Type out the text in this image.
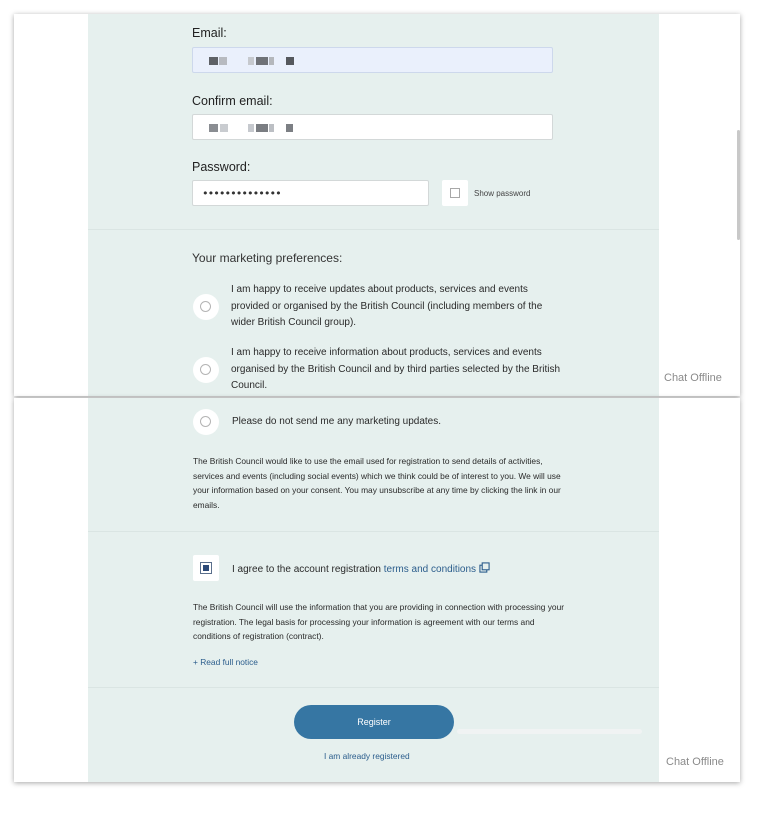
Email:
Confirm email:
Password:
••••••••••••••	Show password
Your marketing preferences:
I am happy to receive updates about products, services and events provided or organised by the British Council (including members of the wider British Council group).
I am happy to receive information about products, services and events organised by the British Council and by third parties selected by the British Council.
Chat Offline
Please do not send me any marketing updates.
The British Council would like to use the email used for registration to send details of activities, services and events (including social events) which we think could be of interest to you. We will use your information based on your consent. You may unsubscribe at any time by clicking the link in our emails.
I agree to the account registration terms and conditions
The British Council will use the information that you are providing in connection with processing your registration. The legal basis for processing your information is agreement with our terms and conditions of registration (contract).
+ Read full notice
Register
I am already registered	Chat Offline
